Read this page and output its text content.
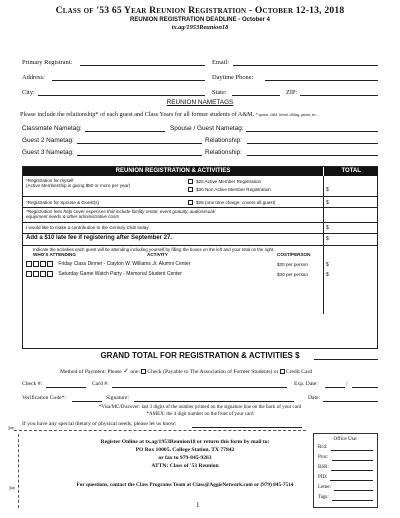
Class of '53 65 Year Reunion Registration - October 12-13, 2018
REUNION REGISTRATION DEADLINE - October 4
tx.ag/1953Reunion18
Primary Registrant:	Email:
Address:	Daytime Phone:
City:	State:	ZIP:
REUNION NAMETAGS
Please include the relationship* of each guest and Class Years for all former students of A&M. * spouse, child, friend, sibling, parent, etc...
Classmate Nametag:	Spouse / Guest Nametag:
Guest 2 Nametag:	Relationship:
Guest 3 Nametag:	Relationship:
REUNION REGISTRATION & ACTIVITIES	TOTAL
*Registration for myself
(Active Membership is giving $50 or more per year)
$25 Active Member Registration
$30 Non Active Member Registration	$
*Registration for Spouse & Guest(s)	$25 (one time charge; covers all guest)	$
*Registration fees help cover expenses that include facility rental, event gratuity, audio/visual/
equipment needs & other administrative costs
I would like to make a contribution to the Century Club today	$
Add a $10 late fee if registering after September 27.	$
Indicate the activities each guest will be attending including yourself by filling the boxes on the left and your total on the right.
WHO'S ATTENDING	ACTIVITY	COST/PERSON
Friday Class Dinner - Clayton W. Williams Jr. Alumni Center	$30 per person	$
Saturday Game Watch Party - Memorial Student Center	$30 per person	$
GRAND TOTAL FOR REGISTRATION & ACTIVITIES $
Method of Payment: Please ✓ one: Check (Payable to The Association of Former Students) or Credit Card
Check #:	Card #:	Exp. Date:	/
Verification Code*:	Signature:	Date:
*Visa/MC/Discover: last 3 digits of the number printed on the signature line on the back of your card
*AMEX: the 4 digit number on the front of your card
If you have any special dietary or physical needs, please let us know:
✂
✂
Register Online at tx.ag/1953Reunion18 or return this form by mail to:
PO Box 10005, College Station, TX 77842
or fax to 979-845-9263
ATTN: Class of '53 Reunion
For questions, contact the Class Programs Team at Class@AggieNetwork.com or (979) 845-7514
1
Office Use:
Rcd:
Proc:
BSR:
PID:
Letter:
Tags:
